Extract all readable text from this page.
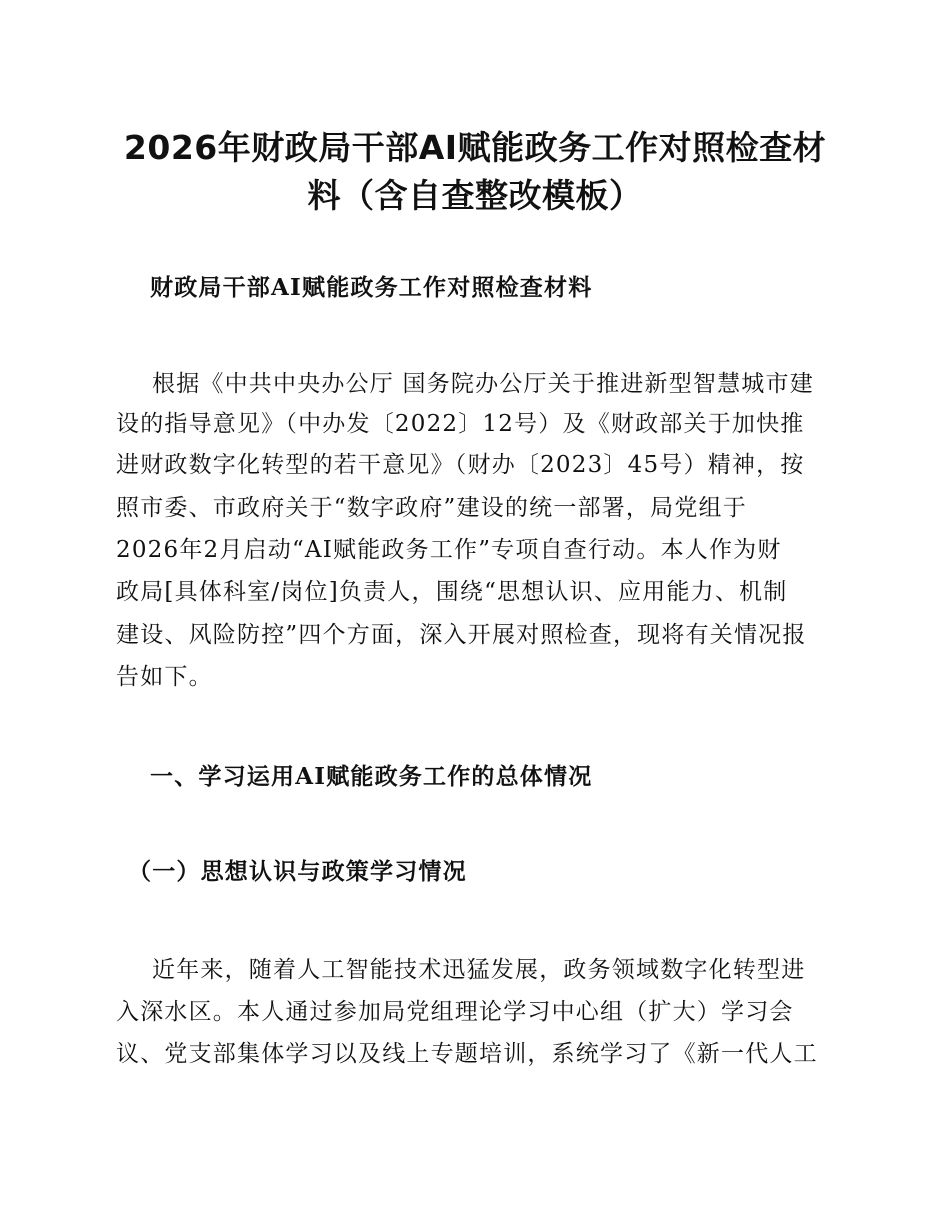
2026年财政局干部AI赋能政务工作对照检查材
料（含自查整改模板）
财政局干部AI赋能政务工作对照检查材料
根据《中共中央办公厅 国务院办公厅关于推进新型智慧城市建
设的指导意见》（中办发〔2022〕12号）及《财政部关于加快推
进财政数字化转型的若干意见》（财办〔2023〕45号）精神，按
照市委、市政府关于“数字政府”建设的统一部署，局党组于
2026年2月启动“AI赋能政务工作”专项自查行动。本人作为财
政局[具体科室/岗位]负责人，围绕“思想认识、应用能力、机制
建设、风险防控”四个方面，深入开展对照检查，现将有关情况报
告如下。
一、学习运用AI赋能政务工作的总体情况
（一）思想认识与政策学习情况
近年来，随着人工智能技术迅猛发展，政务领域数字化转型进
入深水区。本人通过参加局党组理论学习中心组（扩大）学习会
议、党支部集体学习以及线上专题培训，系统学习了《新一代人工
